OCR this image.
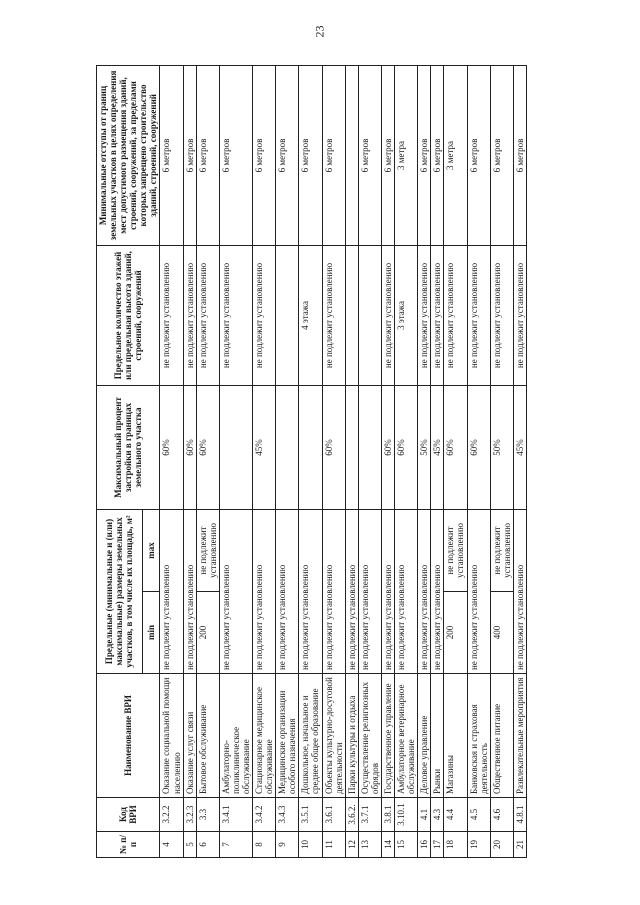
23
№ п/п	Код ВРИ	Наименование ВРИ	Предельные (минимальные и (или) максимальные) размеры земельных участков, в том числе их площадь, м²		Максимальный процент застройки в границах земельного участка	Предельное количество этажей или предельная высота зданий, строений, сооружений	Минимальные отступы от границ земельных участков в целях определения мест допустимого размещения зданий, строений, сооружений, за пределами которых запрещено строительство зданий, строений, сооружений
			min	max			
4	3.2.2	Оказание социальной помощи населению	не подлежит установлению		60%	не подлежит установлению	6 метров
5	3.2.3	Оказание услуг связи	не подлежит установлению		60%	не подлежит установлению	6 метров
6	3.3	Бытовое обслуживание	200	не подлежит установлению	60%	не подлежит установлению	6 метров
7	3.4.1	Амбулаторно-поликлиническое обслуживание	не подлежит установлению			не подлежит установлению	6 метров
8	3.4.2	Стационарное медицинское обслуживание	не подлежит установлению		45%	не подлежит установлению	6 метров
9	3.4.3	Медицинские организации особого назначения	не подлежит установлению				6 метров
10	3.5.1	Дошкольное, начальное и среднее общее образование	не подлежит установлению			4 этажа	6 метров
11	3.6.1	Объекты культурно-досуговой деятельности	не подлежит установлению		60%	не подлежит установлению	6 метров
12	3.6.2.	Парки культуры и отдыха	не подлежит установлению				
13	3.7.1	Осуществление религиозных обрядов	не подлежит установлению				6 метров
14	3.8.1	Государственное управление	не подлежит установлению		60%	не подлежит установлению	6 метров
15	3.10.1	Амбулаторное ветеринарное обслуживание	не подлежит установлению		60%	3 этажа	3 метра
16	4.1	Деловое управление	не подлежит установлению		50%	не подлежит установлению	6 метров
17	4.3	Рынки	не подлежит установлению		45%	не подлежит установлению	6 метров
18	4.4	Магазины	200	не подлежит установлению	60%	не подлежит установлению	3 метра
19	4.5	Банковская и страховая деятельность	не подлежит установлению		60%	не подлежит установлению	6 метров
20	4.6	Общественное питание	400	не подлежит установлению	50%	не подлежит установлению	6 метров
21	4.8.1	Развлекательные мероприятия	не подлежит установлению		45%	не подлежит установлению	6 метров
